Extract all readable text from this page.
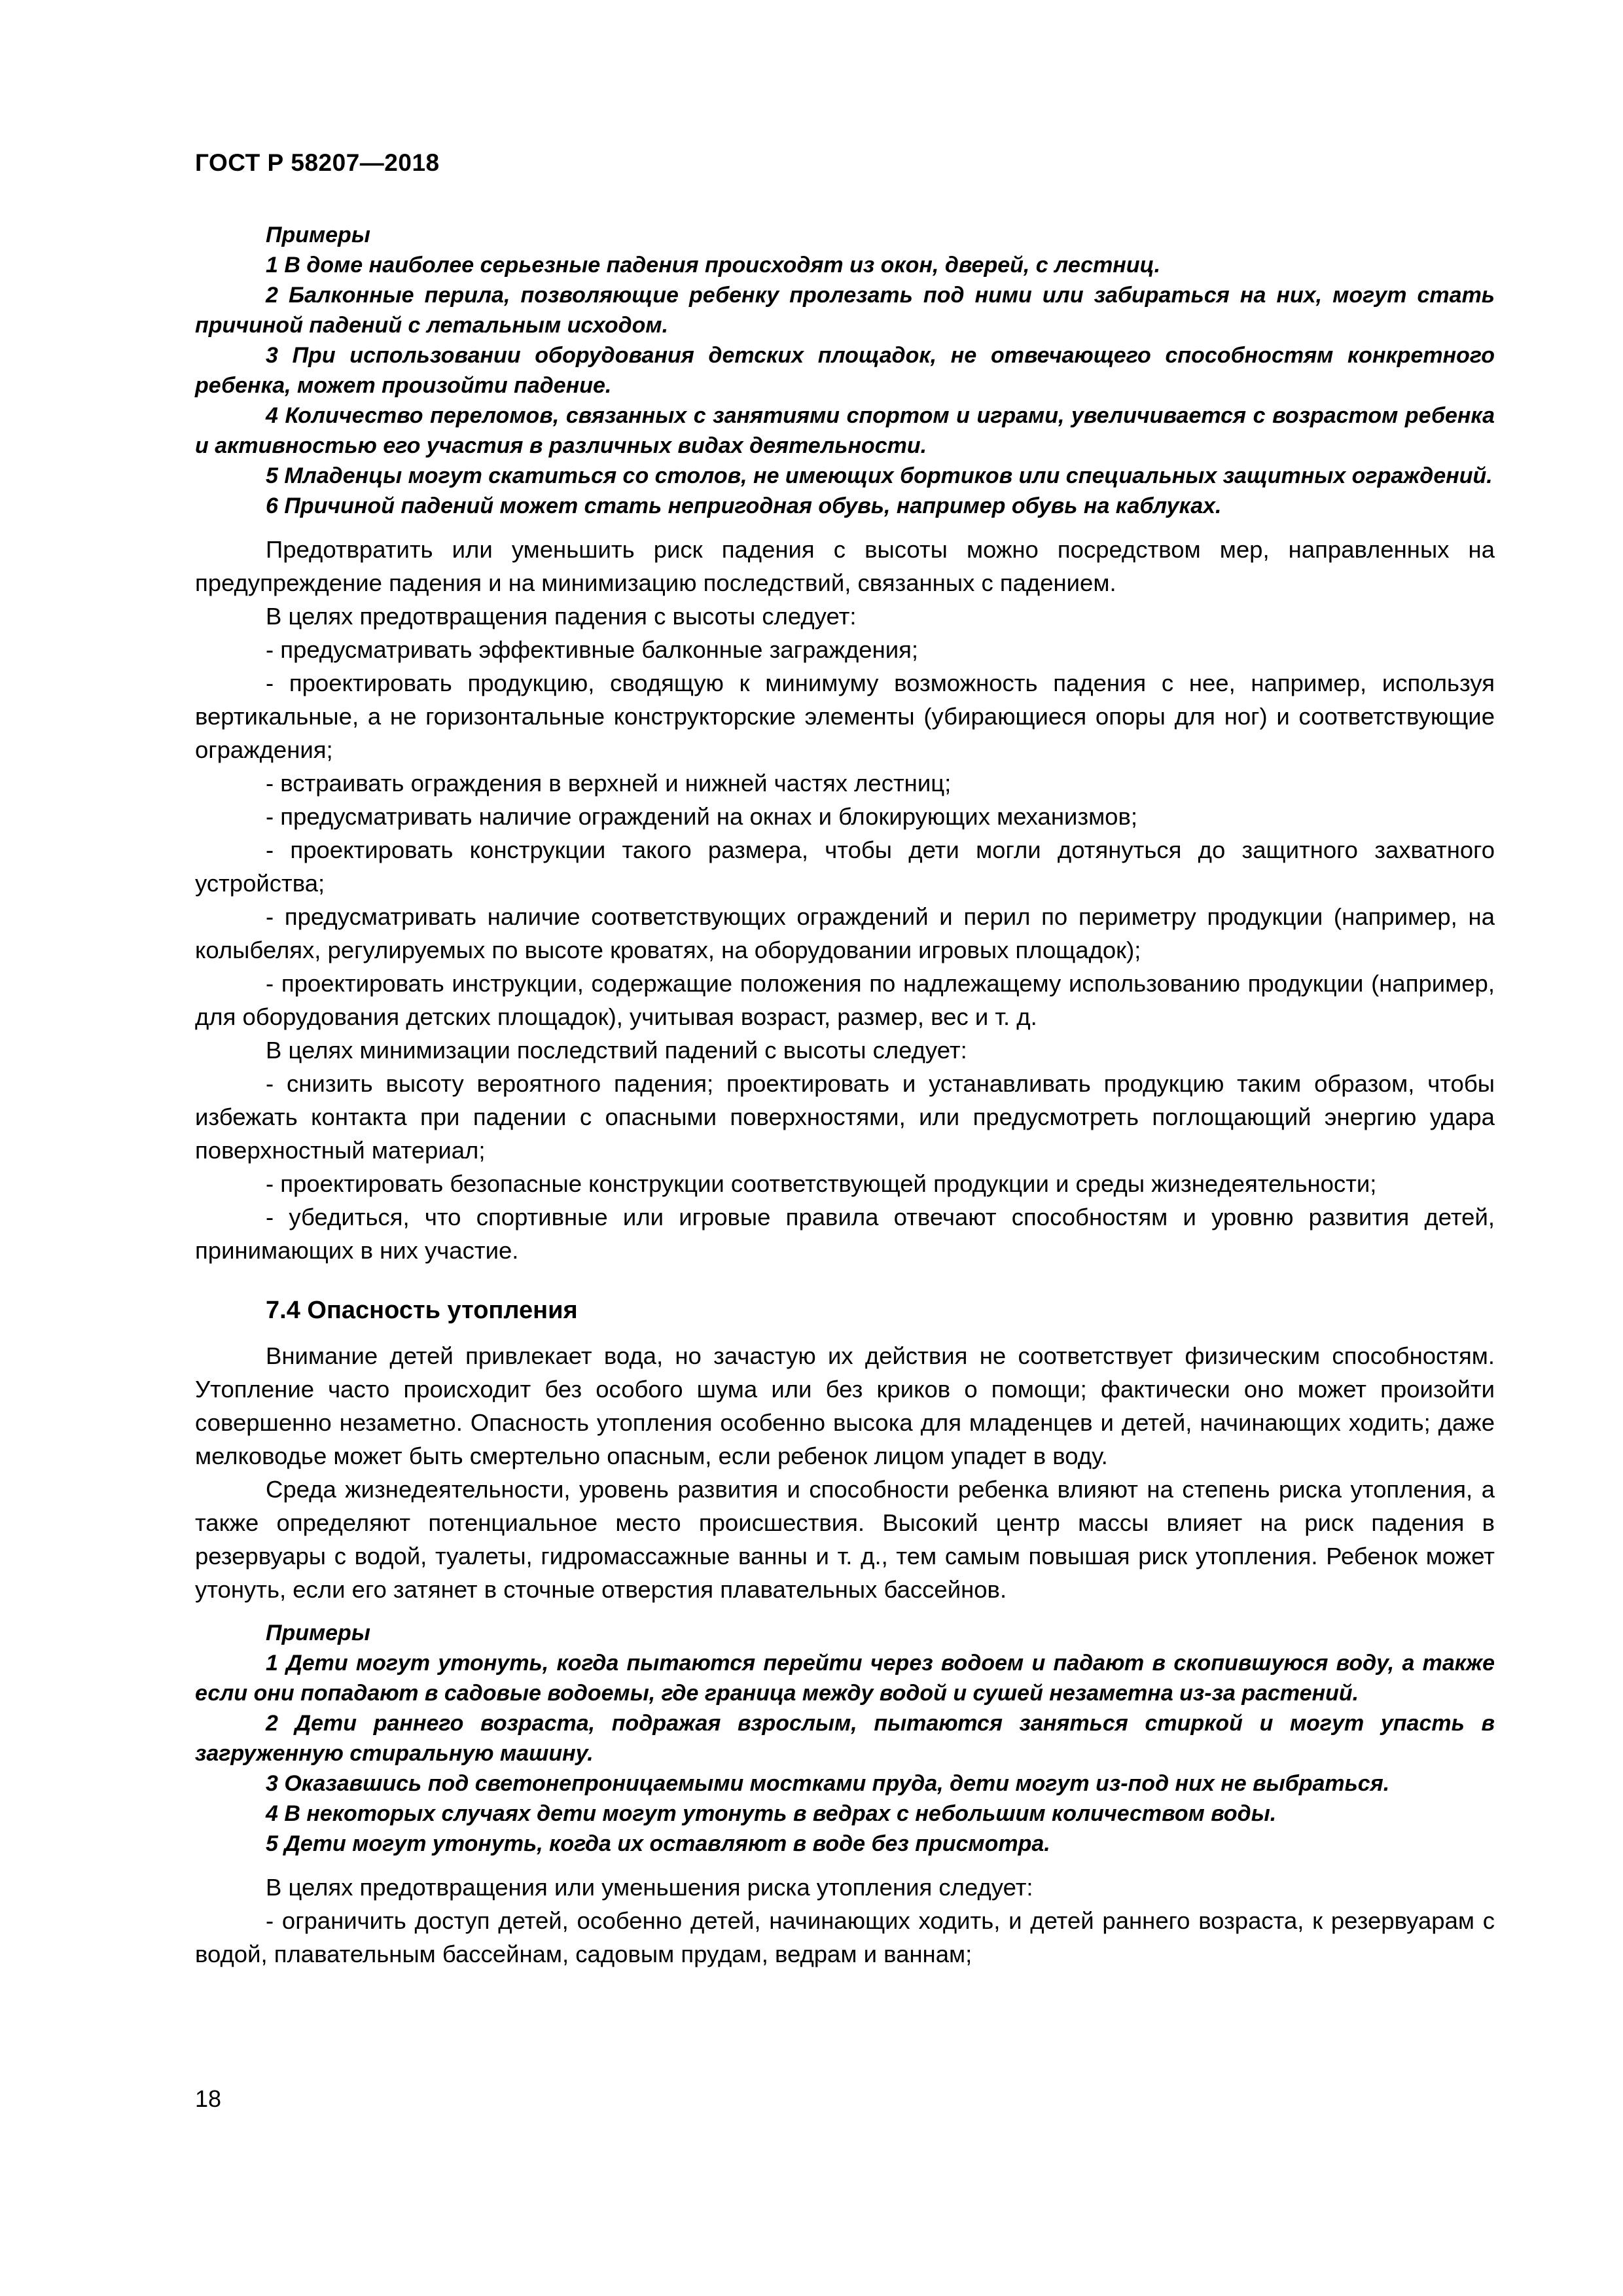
ГОСТ Р 58207—2018

Примеры

1 В доме наиболее серьезные падения происходят из окон, дверей, с лестниц.

2 Балконные перила, позволяющие ребенку пролезать под ними или забираться на них, могут стать причиной падений с летальным исходом.

3 При использовании оборудования детских площадок, не отвечающего способностям конкретного ребенка, может произойти падение.

4 Количество переломов, связанных с занятиями спортом и играми, увеличивается с возрастом ребенка и активностью его участия в различных видах деятельности.

5 Младенцы могут скатиться со столов, не имеющих бортиков или специальных защитных ограждений.

6 Причиной падений может стать непригодная обувь, например обувь на каблуках.

Предотвратить или уменьшить риск падения с высоты можно посредством мер, направленных на предупреждение падения и на минимизацию последствий, связанных с падением.

В целях предотвращения падения с высоты следует:

- предусматривать эффективные балконные заграждения;

- проектировать продукцию, сводящую к минимуму возможность падения с нее, например, используя вертикальные, а не горизонтальные конструкторские элементы (убирающиеся опоры для ног) и соответствующие ограждения;

- встраивать ограждения в верхней и нижней частях лестниц;

- предусматривать наличие ограждений на окнах и блокирующих механизмов;

- проектировать конструкции такого размера, чтобы дети могли дотянуться до защитного захватного устройства;

- предусматривать наличие соответствующих ограждений и перил по периметру продукции (например, на колыбелях, регулируемых по высоте кроватях, на оборудовании игровых площадок);

- проектировать инструкции, содержащие положения по надлежащему использованию продукции (например, для оборудования детских площадок), учитывая возраст, размер, вес и т. д.

В целях минимизации последствий падений с высоты следует:

- снизить высоту вероятного падения; проектировать и устанавливать продукцию таким образом, чтобы избежать контакта при падении с опасными поверхностями, или предусмотреть поглощающий энергию удара поверхностный материал;

- проектировать безопасные конструкции соответствующей продукции и среды жизнедеятельности;

- убедиться, что спортивные или игровые правила отвечают способностям и уровню развития детей, принимающих в них участие.

7.4 Опасность утопления

Внимание детей привлекает вода, но зачастую их действия не соответствует физическим способностям. Утопление часто происходит без особого шума или без криков о помощи; фактически оно может произойти совершенно незаметно. Опасность утопления особенно высока для младенцев и детей, начинающих ходить; даже мелководье может быть смертельно опасным, если ребенок лицом упадет в воду.

Среда жизнедеятельности, уровень развития и способности ребенка влияют на степень риска утопления, а также определяют потенциальное место происшествия. Высокий центр массы влияет на риск падения в резервуары с водой, туалеты, гидромассажные ванны и т. д., тем самым повышая риск утопления. Ребенок может утонуть, если его затянет в сточные отверстия плавательных бассейнов.

Примеры

1 Дети могут утонуть, когда пытаются перейти через водоем и падают в скопившуюся воду, а также если они попадают в садовые водоемы, где граница между водой и сушей незаметна из-за растений.

2 Дети раннего возраста, подражая взрослым, пытаются заняться стиркой и могут упасть в загруженную стиральную машину.

3 Оказавшись под светонепроницаемыми мостками пруда, дети могут из-под них не выбраться.

4 В некоторых случаях дети могут утонуть в ведрах с небольшим количеством воды.

5 Дети могут утонуть, когда их оставляют в воде без присмотра.

В целях предотвращения или уменьшения риска утопления следует:

- ограничить доступ детей, особенно детей, начинающих ходить, и детей раннего возраста, к резервуарам с водой, плавательным бассейнам, садовым прудам, ведрам и ваннам;

18
